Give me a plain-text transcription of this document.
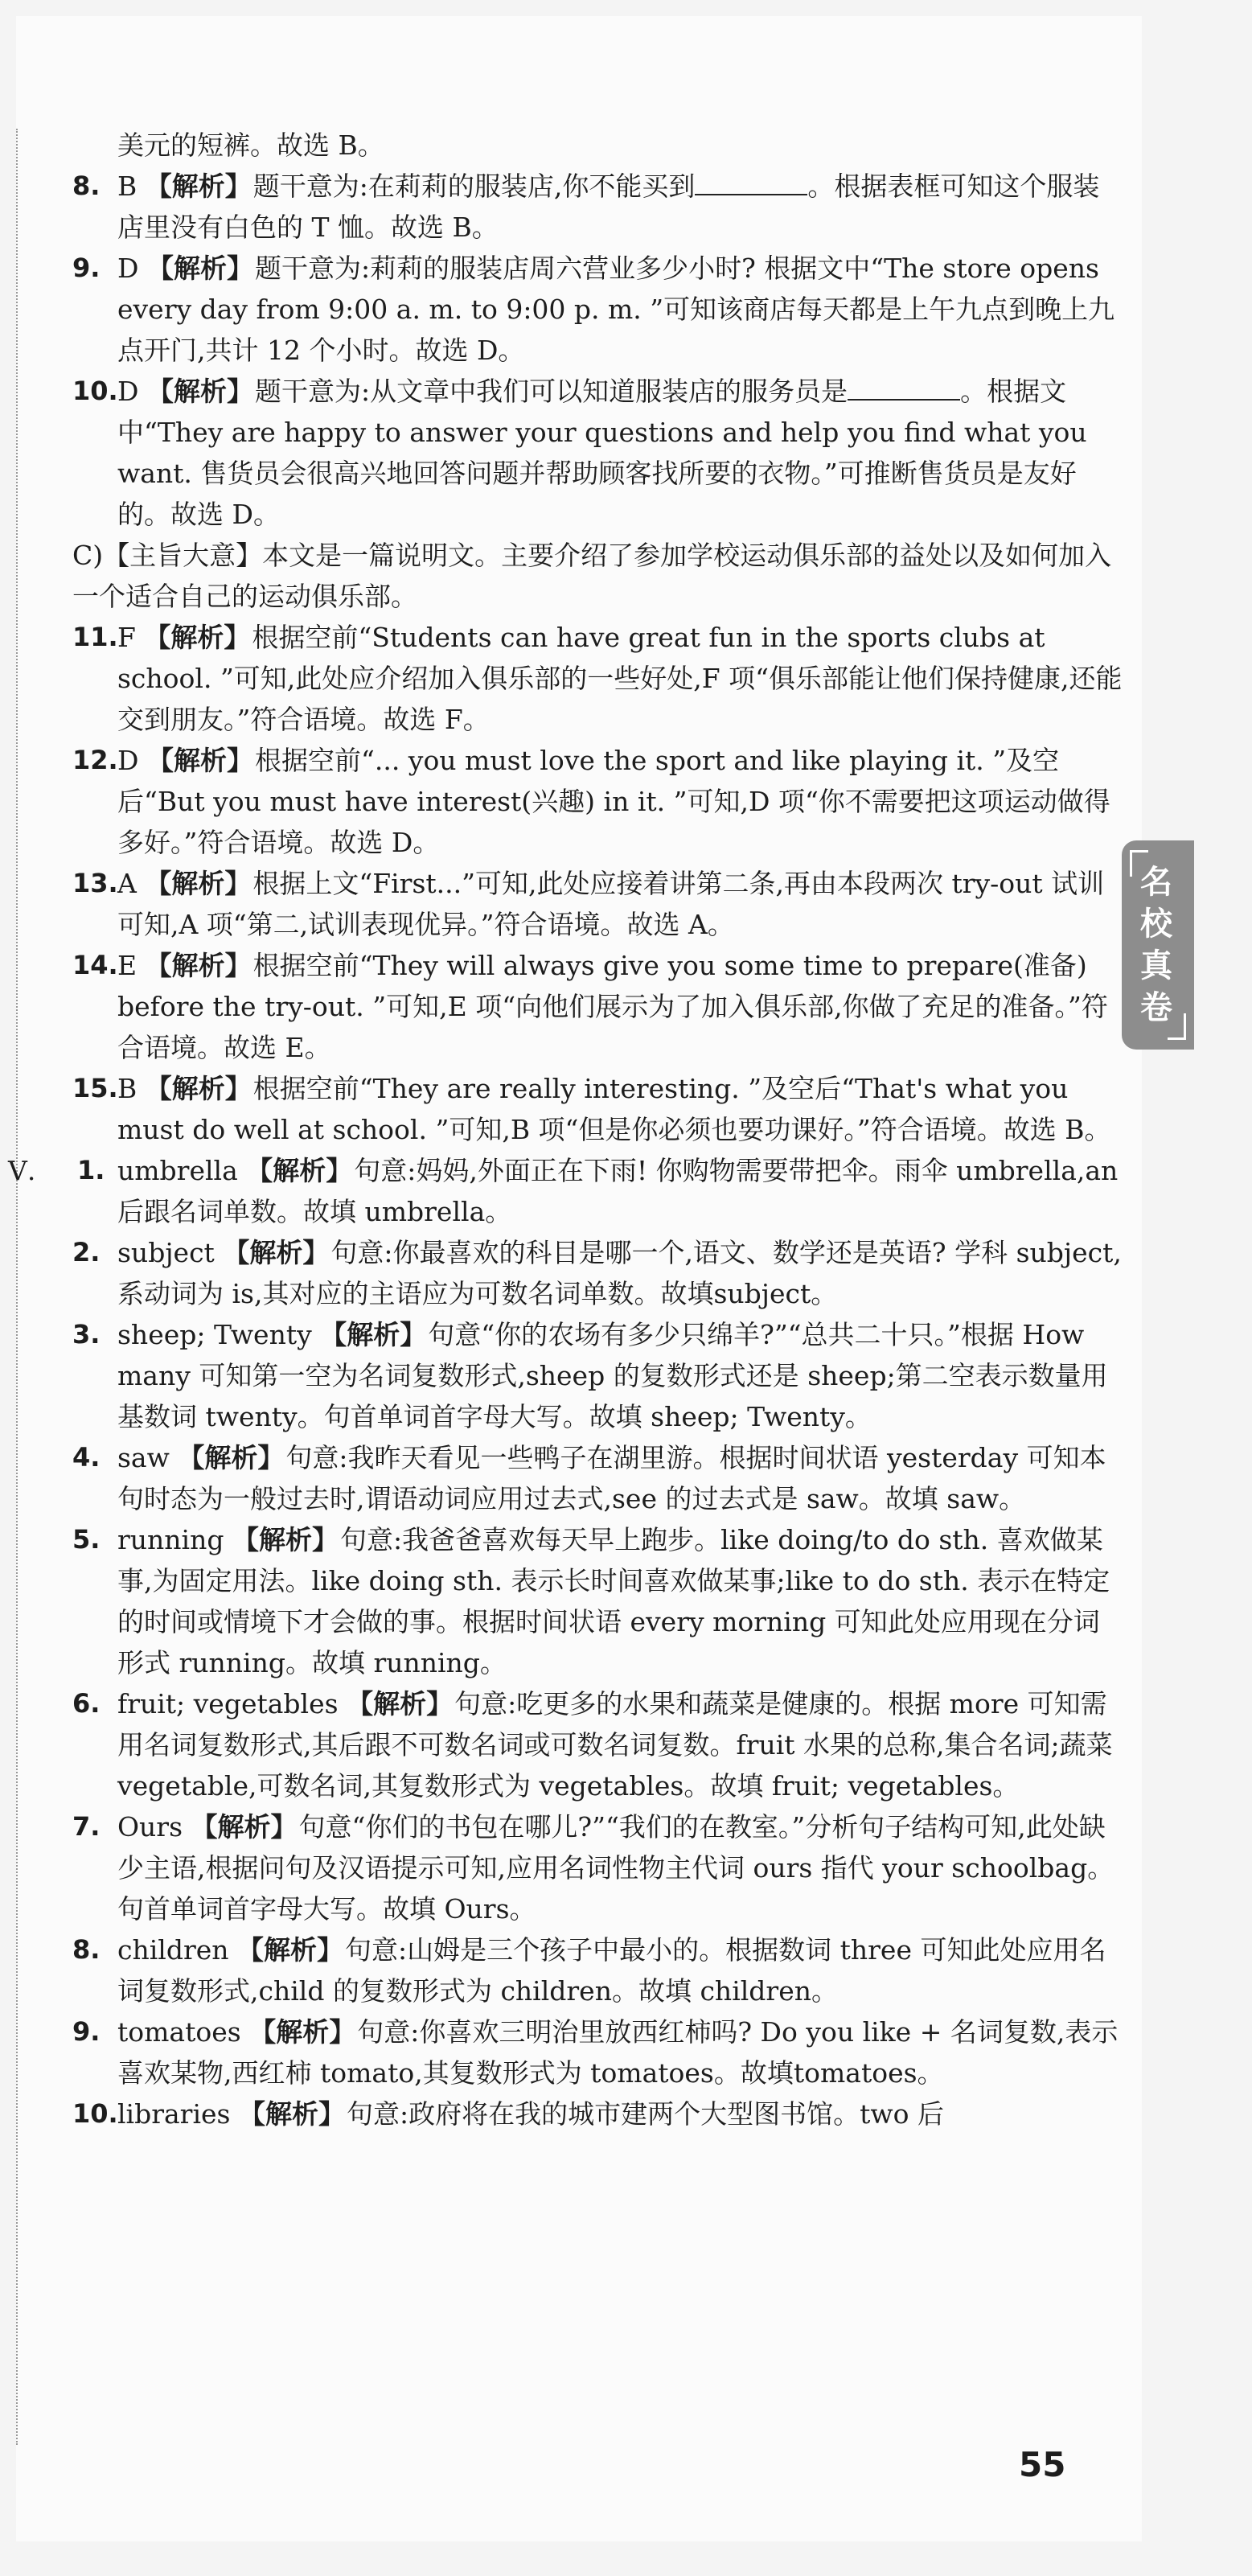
美元的短裤。故选 B。

8. B 【解析】题干意为:在莉莉的服装店,你不能买到	。根据表框可知这个服装店里没有白色的 T 恤。故选 B。

9. D 【解析】题干意为:莉莉的服装店周六营业多少小时? 根据文中“The store opens every day from 9:00 a. m. to 9:00 p. m. ”可知该商店每天都是上午九点到晚上九点开门,共计 12 个小时。故选 D。

10. D 【解析】题干意为:从文章中我们可以知道服装店的服务员是	。根据文中“They are happy to answer your questions and help you find what you want. 售货员会很高兴地回答问题并帮助顾客找所要的衣物。”可推断售货员是友好的。故选 D。

C)【主旨大意】本文是一篇说明文。主要介绍了参加学校运动俱乐部的益处以及如何加入一个适合自己的运动俱乐部。

11. F 【解析】根据空前“Students can have great fun in the sports clubs at school. ”可知,此处应介绍加入俱乐部的一些好处,F 项“俱乐部能让他们保持健康,还能交到朋友。”符合语境。故选 F。

12. D 【解析】根据空前“... you must love the sport and like playing it. ”及空后“But you must have interest(兴趣) in it. ”可知,D 项“你不需要把这项运动做得多好。”符合语境。故选 D。

13. A 【解析】根据上文“First...”可知,此处应接着讲第二条,再由本段两次 try-out 试训可知,A 项“第二,试训表现优异。”符合语境。故选 A。

14. E 【解析】根据空前“They will always give you some time to prepare(准备) before the try-out. ”可知,E 项“向他们展示为了加入俱乐部,你做了充足的准备。”符合语境。故选 E。

15. B 【解析】根据空前“They are really interesting. ”及空后“That's what you must do well at school. ”可知,B 项“但是你必须也要功课好。”符合语境。故选 B。

Ⅴ. 1. umbrella 【解析】句意:妈妈,外面正在下雨! 你购物需要带把伞。雨伞 umbrella,an 后跟名词单数。故填 umbrella。

2. subject 【解析】句意:你最喜欢的科目是哪一个,语文、数学还是英语? 学科 subject,系动词为 is,其对应的主语应为可数名词单数。故填subject。

3. sheep; Twenty 【解析】句意“你的农场有多少只绵羊?”“总共二十只。”根据 How many 可知第一空为名词复数形式,sheep 的复数形式还是 sheep;第二空表示数量用基数词 twenty。句首单词首字母大写。故填 sheep; Twenty。

4. saw 【解析】句意:我昨天看见一些鸭子在湖里游。根据时间状语 yesterday 可知本句时态为一般过去时,谓语动词应用过去式,see 的过去式是 saw。故填 saw。

5. running 【解析】句意:我爸爸喜欢每天早上跑步。like doing/to do sth. 喜欢做某事,为固定用法。like doing sth. 表示长时间喜欢做某事;like to do sth. 表示在特定的时间或情境下才会做的事。根据时间状语 every morning 可知此处应用现在分词形式 running。故填 running。

6. fruit; vegetables 【解析】句意:吃更多的水果和蔬菜是健康的。根据 more 可知需用名词复数形式,其后跟不可数名词或可数名词复数。fruit 水果的总称,集合名词;蔬菜 vegetable,可数名词,其复数形式为 vegetables。故填 fruit; vegetables。

7. Ours 【解析】句意“你们的书包在哪儿?”“我们的在教室。”分析句子结构可知,此处缺少主语,根据问句及汉语提示可知,应用名词性物主代词 ours 指代 your schoolbag。句首单词首字母大写。故填 Ours。

8. children 【解析】句意:山姆是三个孩子中最小的。根据数词 three 可知此处应用名词复数形式,child 的复数形式为 children。故填 children。

9. tomatoes 【解析】句意:你喜欢三明治里放西红柿吗? Do you like + 名词复数,表示喜欢某物,西红柿 tomato,其复数形式为 tomatoes。故填tomatoes。

10. libraries 【解析】句意:政府将在我的城市建两个大型图书馆。two 后

名
校
真
卷
55
